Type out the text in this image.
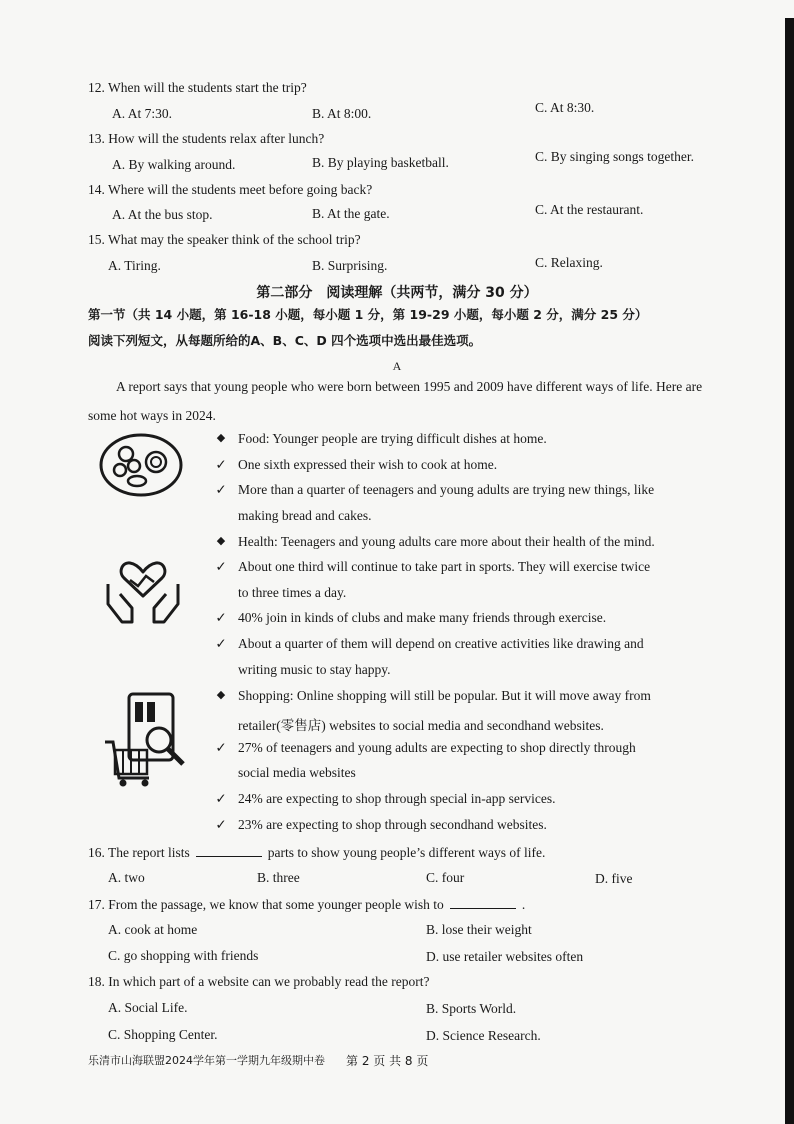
12. When will the students start the trip?
A. At 7:30.	B. At 8:00.	C. At 8:30.
13. How will the students relax after lunch?
A. By walking around.	B. By playing basketball.	C. By singing songs together.
14. Where will the students meet before going back?
A. At the bus stop.	B. At the gate.	C. At the restaurant.
15. What may the speaker think of the school trip?
A. Tiring.	B. Surprising.	C. Relaxing.
第二部分　阅读理解（共两节，满分 30 分）
第一节（共 14 小题，第 16-18 小题，每小题 1 分，第 19-29 小题，每小题 2 分，满分 25 分）
阅读下列短文，从每题所给的A、B、C、D 四个选项中选出最佳选项。
A
A report says that young people who were born between 1995 and 2009 have different ways of life. Here are some hot ways in 2024.
◆ Food: Younger people are trying difficult dishes at home.
✓ One sixth expressed their wish to cook at home.
✓ More than a quarter of teenagers and young adults are trying new things, like
making bread and cakes.
◆ Health: Teenagers and young adults care more about their health of the mind.
✓ About one third will continue to take part in sports. They will exercise twice
to three times a day.
✓ 40% join in kinds of clubs and make many friends through exercise.
✓ About a quarter of them will depend on creative activities like drawing and
writing music to stay happy.
◆ Shopping: Online shopping will still be popular. But it will move away from
retailer(零售店) websites to social media and secondhand websites.
✓ 27% of teenagers and young adults are expecting to shop directly through
social media websites
✓ 24% are expecting to shop through special in-app services.
✓ 23% are expecting to shop through secondhand websites.
16. The report lists	parts to show young people’s different ways of life.
A. two	B. three	C. four	D. five
17. From the passage, we know that some younger people wish to	.
A. cook at home	B. lose their weight
C. go shopping with friends	D. use retailer websites often
18. In which part of a website can we probably read the report?
A. Social Life.	B. Sports World.
C. Shopping Center.	D. Science Research.
乐清市山海联盟2024学年第一学期九年级期中卷 第 2 页 共 8 页
